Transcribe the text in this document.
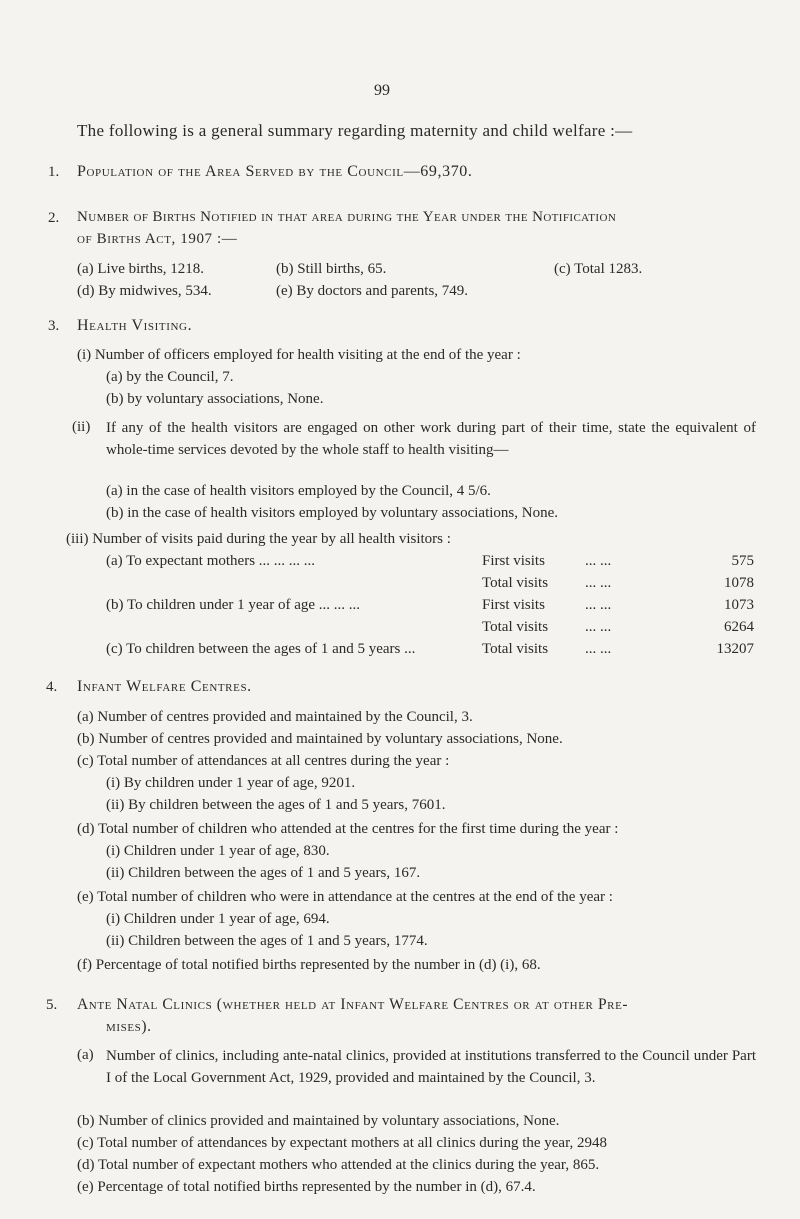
99
The following is a general summary regarding maternity and child welfare :—
1. Population of the Area Served by the Council—69,370.
2. Number of Births Notified in that area during the Year under the Notification
of Births Act, 1907 :—
(a) Live births, 1218.	(b) Still births, 65.	(c) Total 1283.
(d) By midwives, 534.	(e) By doctors and parents, 749.
3. Health Visiting.
(i) Number of officers employed for health visiting at the end of the year :
(a) by the Council, 7.
(b) by voluntary associations, None.
(ii) If any of the health visitors are engaged on other work during part of their time, state the equivalent of whole-time services devoted by the whole staff to health visiting—
(a) in the case of health visitors employed by the Council, 4 5/6.
(b) in the case of health visitors employed by voluntary associations, None.
(iii) Number of visits paid during the year by all health visitors :
(a) To expectant mothers ... ... ... ...	First visits	... ...	575
Total visits ... ...	1078
(b) To children under 1 year of age ... ... ...	First visits	... ...	1073
Total visits ... ...	6264
(c) To children between the ages of 1 and 5 years ...	Total visits ... ...	13207
4. Infant Welfare Centres.
(a) Number of centres provided and maintained by the Council, 3.
(b) Number of centres provided and maintained by voluntary associations, None.
(c) Total number of attendances at all centres during the year :
(i) By children under 1 year of age, 9201.
(ii) By children between the ages of 1 and 5 years, 7601.
(d) Total number of children who attended at the centres for the first time during the year :
(i) Children under 1 year of age, 830.
(ii) Children between the ages of 1 and 5 years, 167.
(e) Total number of children who were in attendance at the centres at the end of the year :
(i) Children under 1 year of age, 694.
(ii) Children between the ages of 1 and 5 years, 1774.
(f) Percentage of total notified births represented by the number in (d) (i), 68.
5. Ante Natal Clinics (whether held at Infant Welfare Centres or at other Pre-
mises).
(a) Number of clinics, including ante-natal clinics, provided at institutions transferred to the Council under Part I of the Local Government Act, 1929, provided and maintained by the Council, 3.
(b) Number of clinics provided and maintained by voluntary associations, None.
(c) Total number of attendances by expectant mothers at all clinics during the year, 2948
(d) Total number of expectant mothers who attended at the clinics during the year, 865.
(e) Percentage of total notified births represented by the number in (d), 67.4.
